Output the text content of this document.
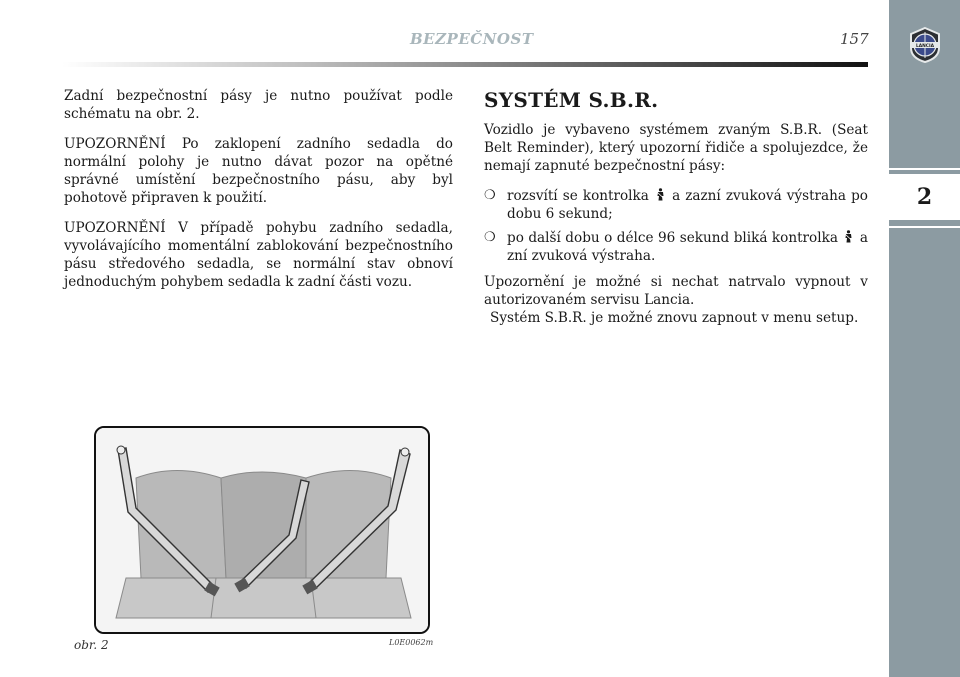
BEZPEČNOST	157	LANCIA
2

Zadní bezpečnostní pásy je nutno používat podle schématu na obr. 2.

UPOZORNĚNÍ Po zaklopení zadního sedadla do normální polohy je nutno dávat pozor na opětné správné umístění bezpečnostního pásu, aby byl pohotově připraven k použití.

UPOZORNĚNÍ V případě pohybu zadního sedadla, vyvolávajícího momentální zablokování bezpečnostního pásu středového sedadla, se normální stav obnoví jednoduchým pohybem sedadla k zadní části vozu.

SYSTÉM S.B.R.

Vozidlo je vybaveno systémem zvaným S.B.R. (Seat Belt Reminder), který upozorní řidiče a spolujezdce, že nemají zapnuté bezpečnostní pásy:

❍ rozsvítí se kontrolka a zazní zvuková výstraha po dobu 6 sekund;
❍ po další dobu o délce 96 sekund bliká kontrolka a zní zvuková výstraha.

Upozornění je možné si nechat natrvalo vypnout v autorizovaném servisu Lancia.

Systém S.B.R. je možné znovu zapnout v menu setup.

obr. 2	L0E0062m
